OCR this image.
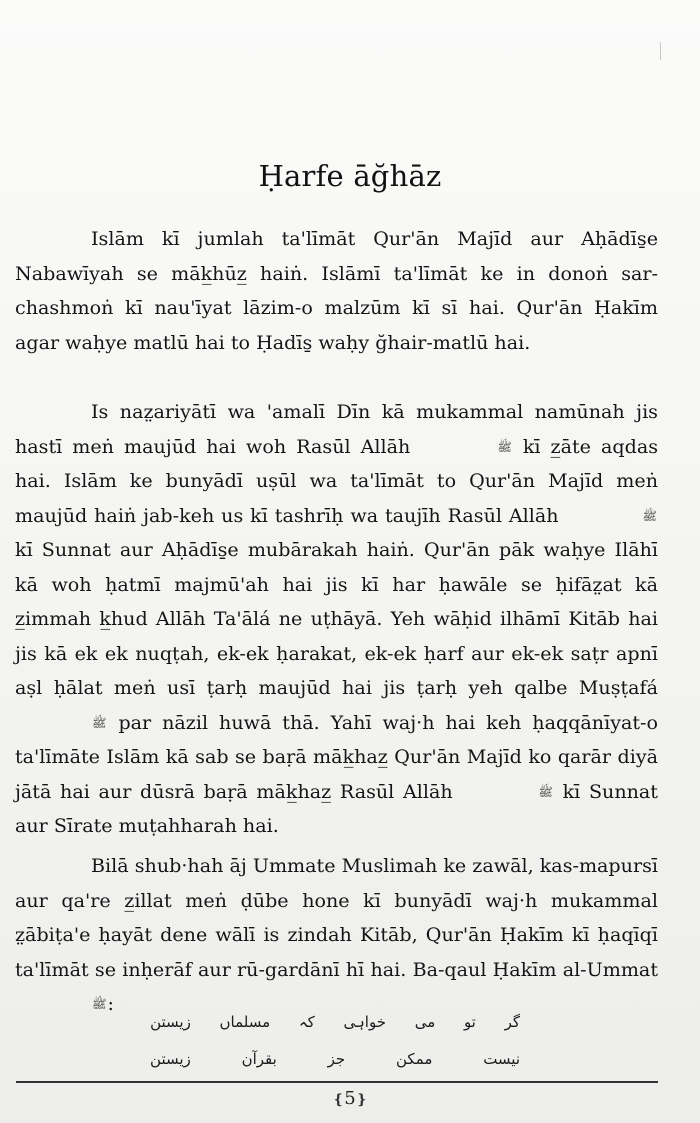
Ḥarfe āğhāz

Islām kī jumlah ta'līmāt Qur'ān Majīd aur Aḥādīs̱e Nabawīyah se māk̲hūz̲ haiṅ. Islāmī ta'līmāt ke in donoṅ sar-chashmoṅ kī nau'īyat lāzim-o malzūm kī sī hai. Qur'ān Ḥakīm agar waḥye matlū hai to Ḥadīs̱ waḥy ğhair-matlū hai.

Is naz̤ariyātī wa 'amalī Dīn kā mukammal namūnah jis hastī meṅ maujūd hai woh Rasūl Allāh	ﷺ kī z̲āte aqdas hai. Islām ke bunyādī uṣūl wa ta'līmāt to Qur'ān Majīd meṅ maujūd haiṅ jab-keh us kī tashrīḥ wa taujīh Rasūl Allāh	ﷺ kī Sunnat aur Aḥādīs̱e mubārakah haiṅ. Qur'ān pāk waḥye Ilāhī kā woh ḥatmī majmū'ah hai jis kī har ḥawāle se ḥifāz̤at kā z̲immah k̲hud Allāh Ta'ālá ne uṭhāyā. Yeh wāḥid ilhāmī Kitāb hai jis kā ek ek nuqṭah, ek-ek ḥarakat, ek-ek ḥarf aur ek-ek saṭr apnī aṣl ḥālat meṅ usī ṭarḥ maujūd hai jis ṭarḥ yeh qalbe Muṣṭafá ﷺ par nāzil huwā thā. Yahī waj·h hai keh ḥaqqānīyat-o ta'līmāte Islām kā sab se baṛā māk̲haz̲ Qur'ān Majīd ko qarār diyā jātā hai aur dūsrā baṛā māk̲haz̲ Rasūl Allāh	ﷺ kī Sunnat aur Sīrate muṭahharah hai.

Bilā shub·hah āj Ummate Muslimah ke zawāl, kas-mapursī aur qa're z̲illat meṅ ḍūbe hone kī bunyādī waj·h mukammal z̤ābiṭa'e ḥayāt dene wālī is zindah Kitāb, Qur'ān Ḥakīm kī ḥaqīqī ta'līmāt se inḥerāf aur rū-gardānī hī hai. Ba-qaul Ḥakīm al-Ummat ﷺ:

گر
تو
می
خواہی
کہ
مسلماں
زیستن
نیست
ممکن
جز
بقرآن
زیستن
❴5❵
